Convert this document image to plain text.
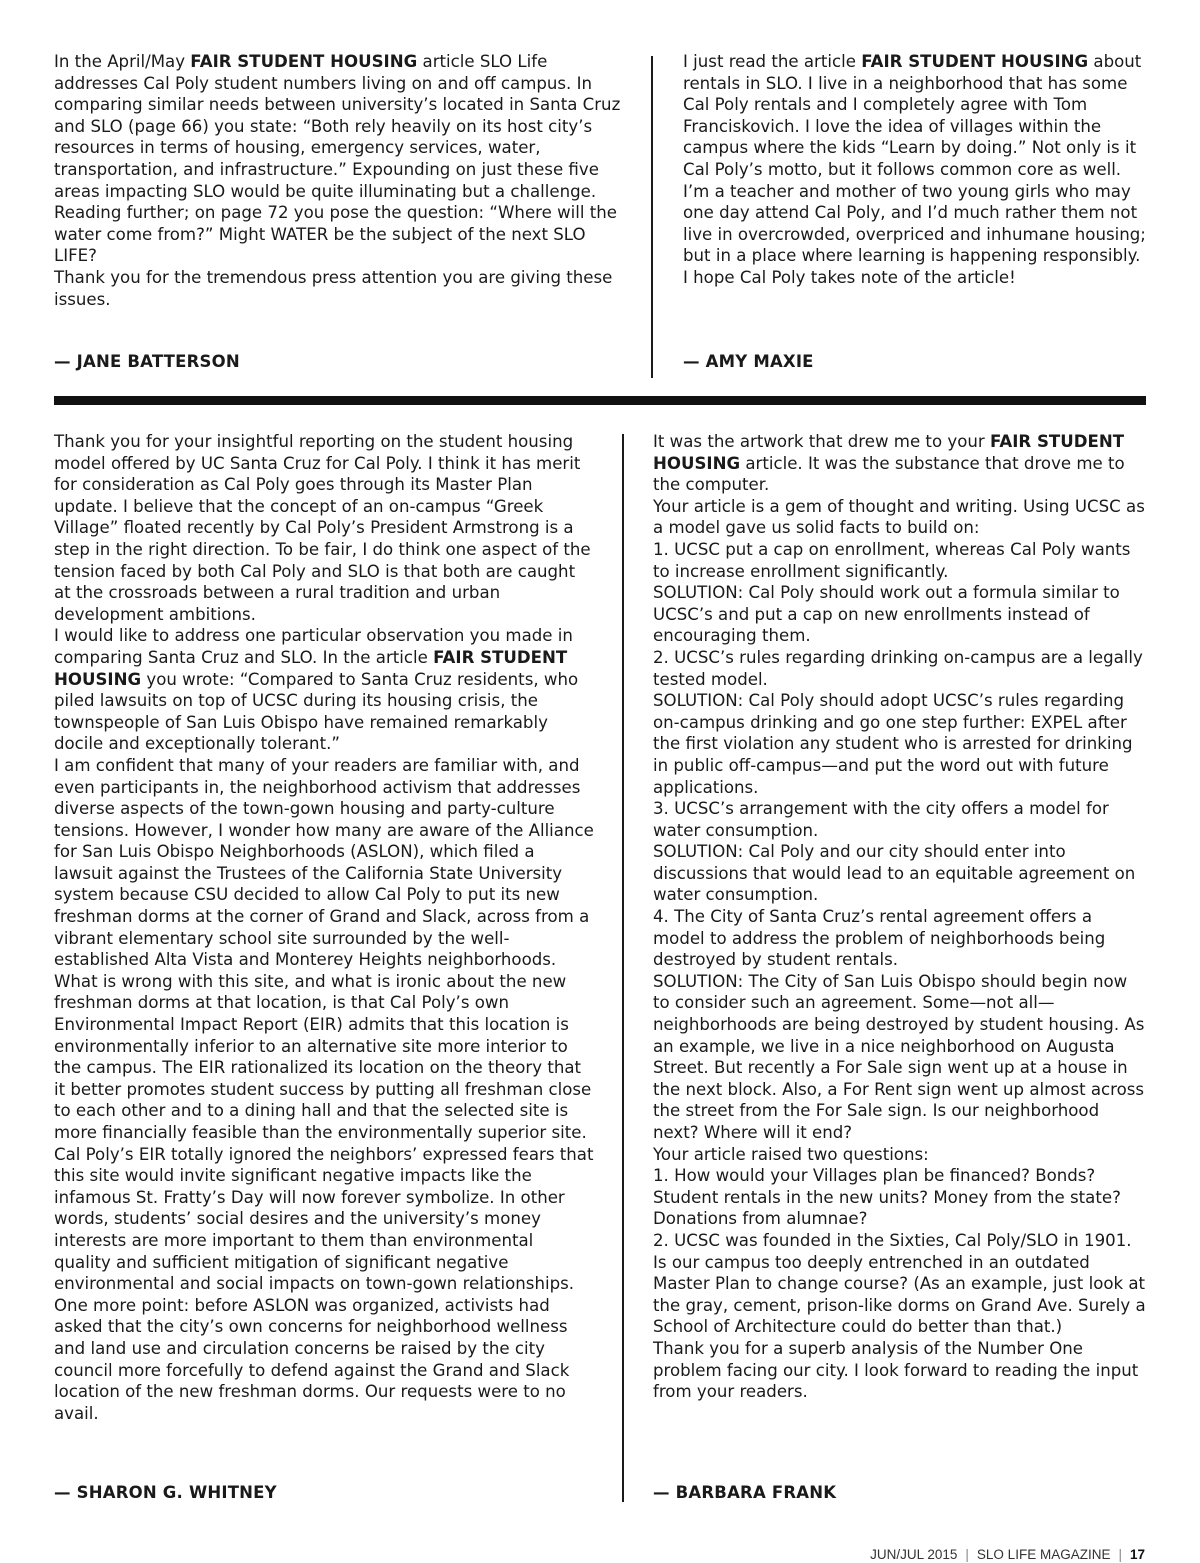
In the April/May FAIR STUDENT HOUSING article SLO Life addresses Cal Poly student numbers living on and off campus. In comparing similar needs between university’s located in Santa Cruz and SLO (page 66) you state: “Both rely heavily on its host city’s resources in terms of housing, emergency services, water, transportation, and infrastructure.” Expounding on just these five areas impacting SLO would be quite illuminating but a challenge. Reading further; on page 72 you pose the question: “Where will the water come from?” Might WATER be the subject of the next SLO LIFE?

Thank you for the tremendous press attention you are giving these issues.

— JANE BATTERSON

I just read the article FAIR STUDENT HOUSING about rentals in SLO. I live in a neighborhood that has some Cal Poly rentals and I completely agree with Tom Franciskovich. I love the idea of villages within the campus where the kids “Learn by doing.” Not only is it Cal Poly’s motto, but it follows common core as well. I’m a teacher and mother of two young girls who may one day attend Cal Poly, and I’d much rather them not live in overcrowded, overpriced and inhumane housing; but in a place where learning is happening responsibly. I hope Cal Poly takes note of the article!

— AMY MAXIE

Thank you for your insightful reporting on the student housing model offered by UC Santa Cruz for Cal Poly. I think it has merit for consideration as Cal Poly goes through its Master Plan update. I believe that the concept of an on-campus “Greek Village” floated recently by Cal Poly’s President Armstrong is a step in the right direction. To be fair, I do think one aspect of the tension faced by both Cal Poly and SLO is that both are caught at the crossroads between a rural tradition and urban development ambitions.

I would like to address one particular observation you made in comparing Santa Cruz and SLO. In the article FAIR STUDENT HOUSING you wrote: “Compared to Santa Cruz residents, who piled lawsuits on top of UCSC during its housing crisis, the townspeople of San Luis Obispo have remained remarkably docile and exceptionally tolerant.”

I am confident that many of your readers are familiar with, and even participants in, the neighborhood activism that addresses diverse aspects of the town-gown housing and party-culture tensions. However, I wonder how many are aware of the Alliance for San Luis Obispo Neighborhoods (ASLON), which filed a lawsuit against the Trustees of the California State University system because CSU decided to allow Cal Poly to put its new freshman dorms at the corner of Grand and Slack, across from a vibrant elementary school site surrounded by the well-established Alta Vista and Monterey Heights neighborhoods.

What is wrong with this site, and what is ironic about the new freshman dorms at that location, is that Cal Poly’s own Environmental Impact Report (EIR) admits that this location is environmentally inferior to an alternative site more interior to the campus. The EIR rationalized its location on the theory that it better promotes student success by putting all freshman close to each other and to a dining hall and that the selected site is more financially feasible than the environmentally superior site. Cal Poly’s EIR totally ignored the neighbors’ expressed fears that this site would invite significant negative impacts like the infamous St. Fratty’s Day will now forever symbolize. In other words, students’ social desires and the university’s money interests are more important to them than environmental quality and sufficient mitigation of significant negative environmental and social impacts on town-gown relationships.

One more point: before ASLON was organized, activists had asked that the city’s own concerns for neighborhood wellness and land use and circulation concerns be raised by the city council more forcefully to defend against the Grand and Slack location of the new freshman dorms. Our requests were to no avail.

— SHARON G. WHITNEY

It was the artwork that drew me to your FAIR STUDENT HOUSING article. It was the substance that drove me to the computer.

Your article is a gem of thought and writing. Using UCSC as a model gave us solid facts to build on:

1. UCSC put a cap on enrollment, whereas Cal Poly wants to increase enrollment significantly.

SOLUTION: Cal Poly should work out a formula similar to UCSC’s and put a cap on new enrollments instead of encouraging them.

2. UCSC’s rules regarding drinking on-campus are a legally tested model.

SOLUTION: Cal Poly should adopt UCSC’s rules regarding on-campus drinking and go one step further: EXPEL after the first violation any student who is arrested for drinking in public off-campus—and put the word out with future applications.

3. UCSC’s arrangement with the city offers a model for water consumption.

SOLUTION: Cal Poly and our city should enter into discussions that would lead to an equitable agreement on water consumption.

4. The City of Santa Cruz’s rental agreement offers a model to address the problem of neighborhoods being destroyed by student rentals.

SOLUTION: The City of San Luis Obispo should begin now to consider such an agreement. Some—not all—neighborhoods are being destroyed by student housing. As an example, we live in a nice neighborhood on Augusta Street. But recently a For Sale sign went up at a house in the next block. Also, a For Rent sign went up almost across the street from the For Sale sign. Is our neighborhood next? Where will it end?

Your article raised two questions:

1. How would your Villages plan be financed? Bonds? Student rentals in the new units? Money from the state? Donations from alumnae?

2. UCSC was founded in the Sixties, Cal Poly/SLO in 1901. Is our campus too deeply entrenched in an outdated Master Plan to change course? (As an example, just look at the gray, cement, prison-like dorms on Grand Ave. Surely a School of Architecture could do better than that.)

Thank you for a superb analysis of the Number One problem facing our city. I look forward to reading the input from your readers.

— BARBARA FRANK
JUN/JUL 2015 | SLO LIFE MAGAZINE | 17
